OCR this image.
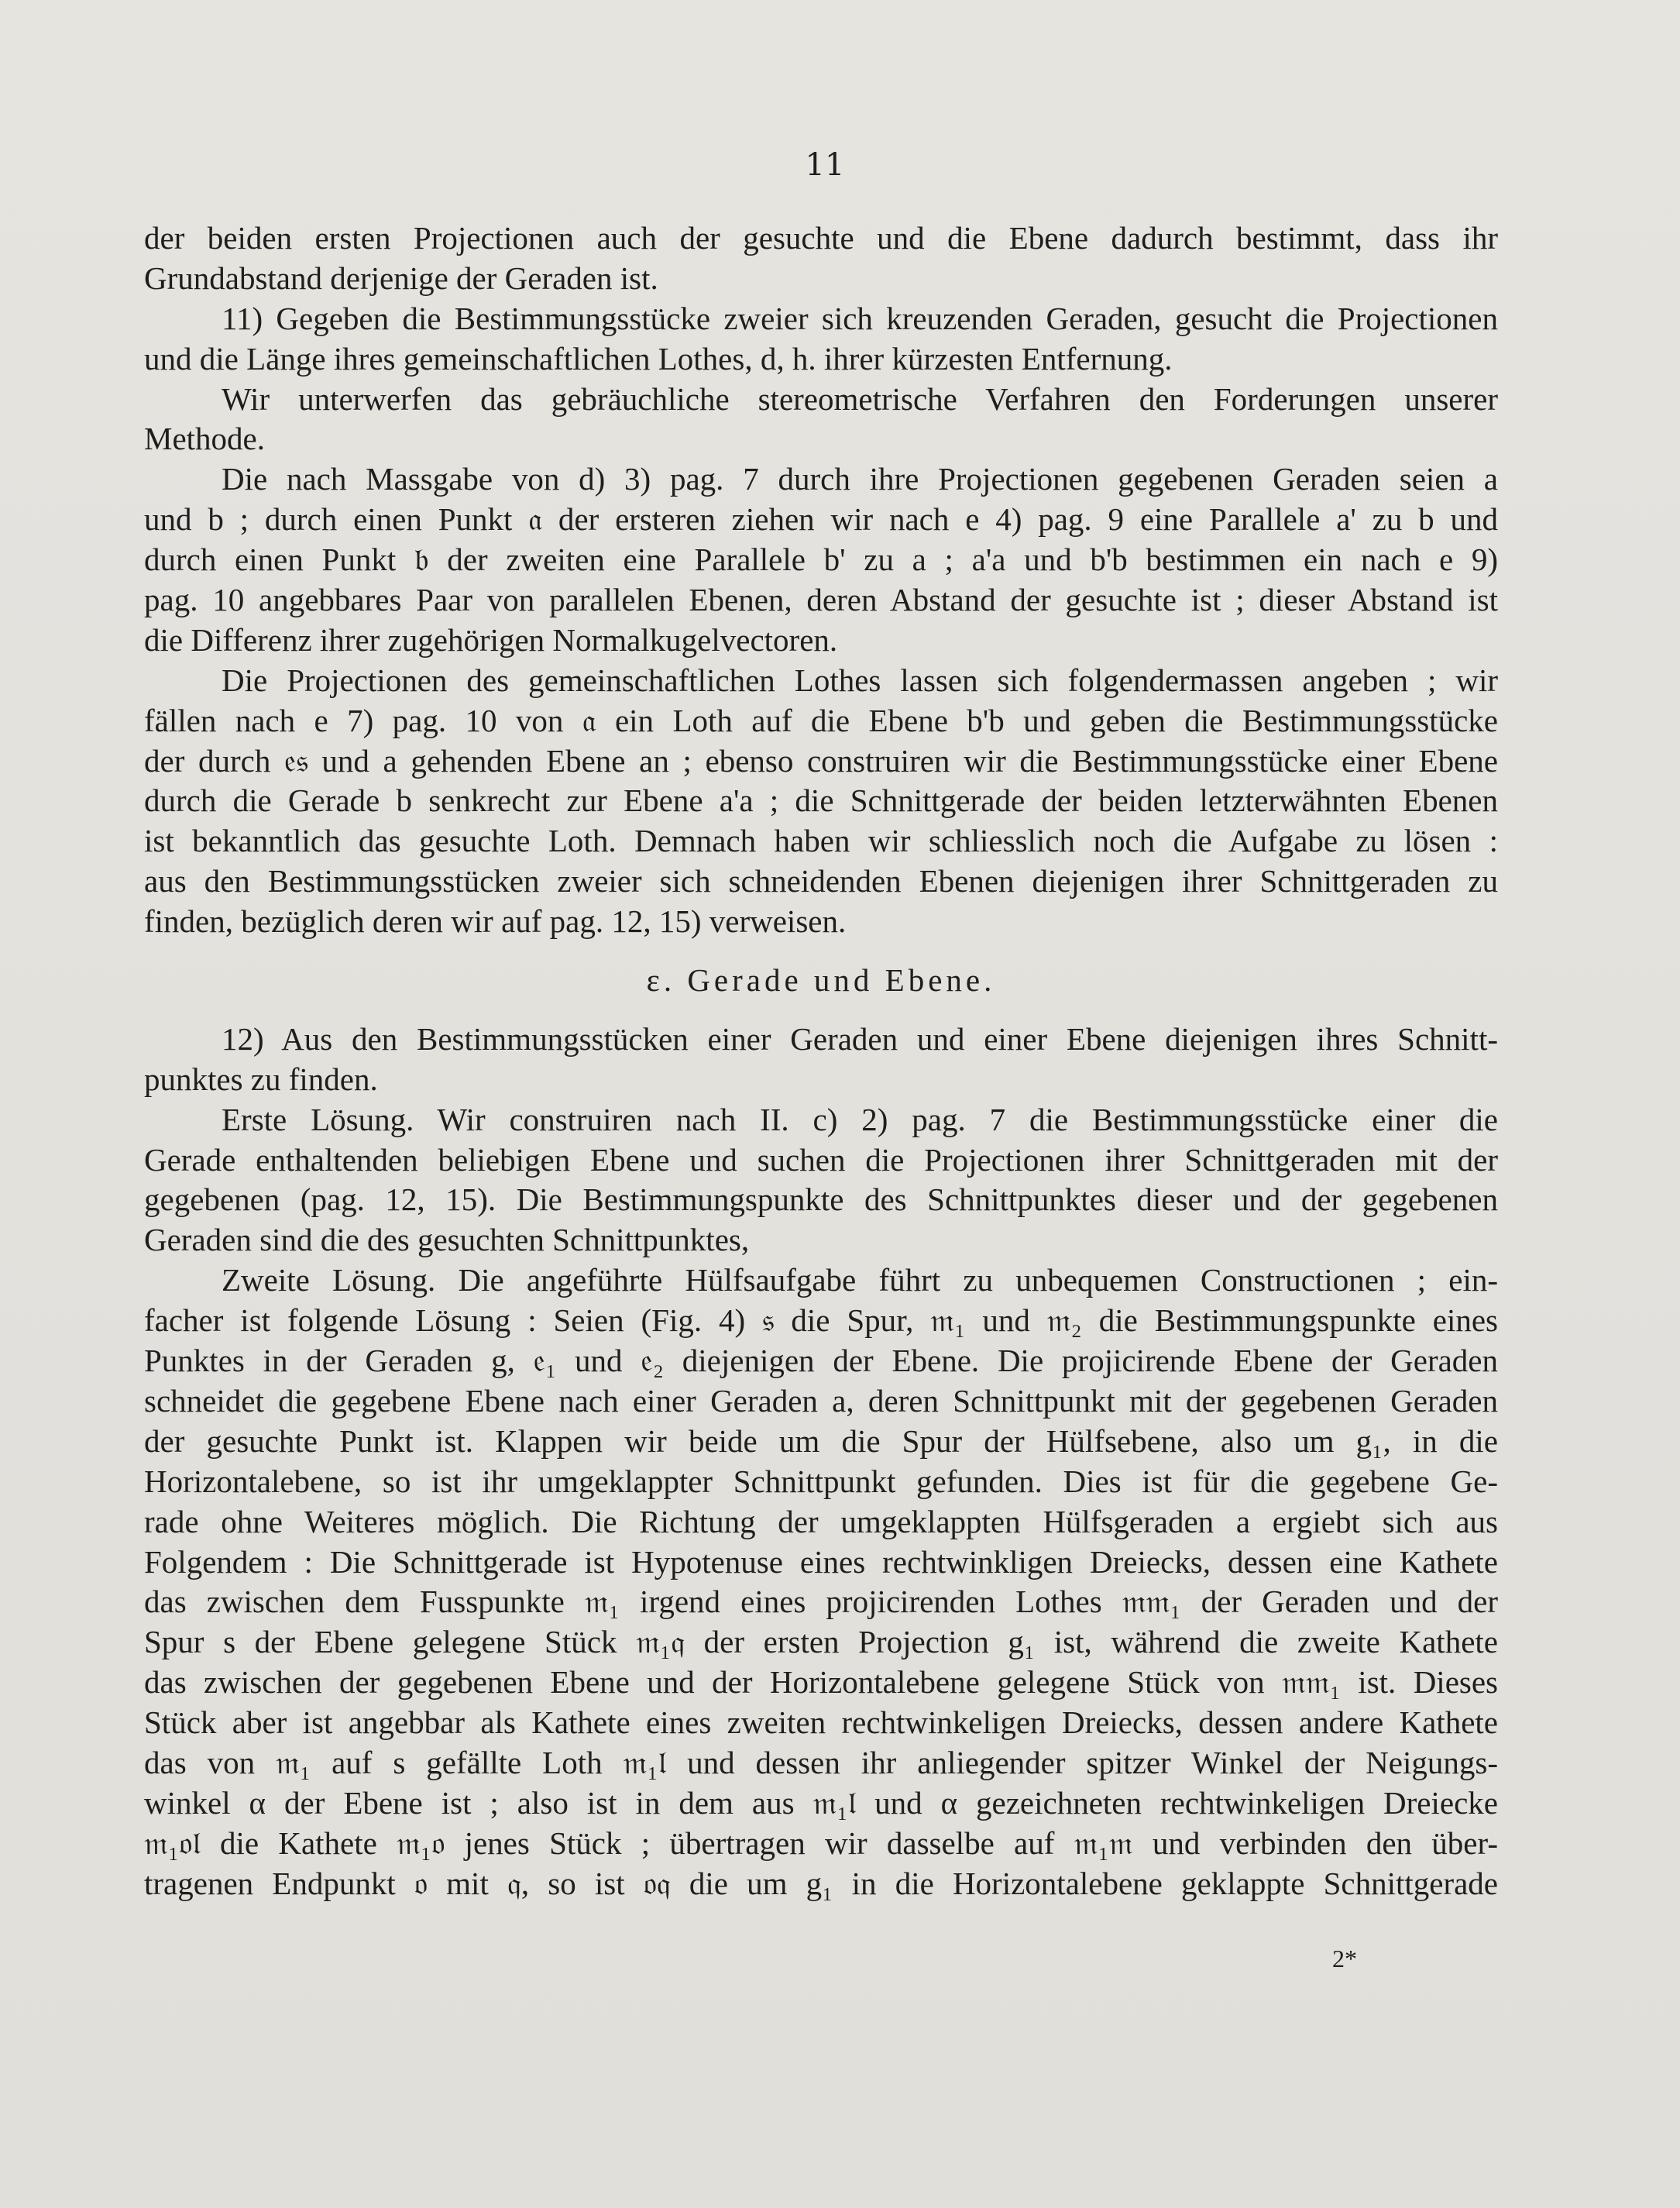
11
der beiden ersten Projectionen auch der gesuchte und die Ebene dadurch bestimmt, dass ihr
Grundabstand derjenige der Geraden ist.
11) Gegeben die Bestimmungsstücke zweier sich kreuzenden Geraden, gesucht die Projectionen
und die Länge ihres gemeinschaftlichen Lothes, d, h. ihrer kürzesten Entfernung.
Wir unterwerfen das gebräuchliche stereometrische Verfahren den Forderungen unserer
Methode.
Die nach Massgabe von d) 3) pag. 7 durch ihre Projectionen gegebenen Geraden seien a
und b ; durch einen Punkt 𝔞 der ersteren ziehen wir nach e 4) pag. 9 eine Parallele a' zu b und
durch einen Punkt 𝔟 der zweiten eine Parallele b' zu a ; a'a und b'b bestimmen ein nach e 9)
pag. 10 angebbares Paar von parallelen Ebenen, deren Abstand der gesuchte ist ; dieser Abstand ist
die Differenz ihrer zugehörigen Normalkugelvectoren.
Die Projectionen des gemeinschaftlichen Lothes lassen sich folgendermassen angeben ; wir
fällen nach e 7) pag. 10 von 𝔞 ein Loth auf die Ebene b'b und geben die Bestimmungsstücke
der durch 𝔢𝔰 und a gehenden Ebene an ; ebenso construiren wir die Bestimmungsstücke einer Ebene
durch die Gerade b senkrecht zur Ebene a'a ; die Schnittgerade der beiden letzterwähnten Ebenen
ist bekanntlich das gesuchte Loth. Demnach haben wir schliesslich noch die Aufgabe zu lösen :
aus den Bestimmungsstücken zweier sich schneidenden Ebenen diejenigen ihrer Schnittgeraden zu
finden, bezüglich deren wir auf pag. 12, 15) verweisen.
ε. Gerade und Ebene.
12) Aus den Bestimmungsstücken einer Geraden und einer Ebene diejenigen ihres Schnitt-
punktes zu finden.
Erste Lösung. Wir construiren nach II. c) 2) pag. 7 die Bestimmungsstücke einer die
Gerade enthaltenden beliebigen Ebene und suchen die Projectionen ihrer Schnittgeraden mit der
gegebenen (pag. 12, 15). Die Bestimmungspunkte des Schnittpunktes dieser und der gegebenen
Geraden sind die des gesuchten Schnittpunktes,
Zweite Lösung. Die angeführte Hülfsaufgabe führt zu unbequemen Constructionen ; ein-
facher ist folgende Lösung : Seien (Fig. 4) 𝔰 die Spur, 𝔪₁ und 𝔪₂ die Bestimmungspunkte eines
Punktes in der Geraden g, 𝔢₁ und 𝔢₂ diejenigen der Ebene. Die projicirende Ebene der Geraden
schneidet die gegebene Ebene nach einer Geraden a, deren Schnittpunkt mit der gegebenen Geraden
der gesuchte Punkt ist. Klappen wir beide um die Spur der Hülfsebene, also um g₁, in die
Horizontalebene, so ist ihr umgeklappter Schnittpunkt gefunden. Dies ist für die gegebene Ge-
rade ohne Weiteres möglich. Die Richtung der umgeklappten Hülfsgeraden a ergiebt sich aus
Folgendem : Die Schnittgerade ist Hypotenuse eines rechtwinkligen Dreiecks, dessen eine Kathete
das zwischen dem Fusspunkte 𝔪₁ irgend eines projicirenden Lothes 𝔪𝔪₁ der Geraden und der
Spur s der Ebene gelegene Stück 𝔪₁𝔮 der ersten Projection g₁ ist, während die zweite Kathete
das zwischen der gegebenen Ebene und der Horizontalebene gelegene Stück von 𝔪𝔪₁ ist. Dieses
Stück aber ist angebbar als Kathete eines zweiten rechtwinkeligen Dreiecks, dessen andere Kathete
das von 𝔪₁ auf s gefällte Loth 𝔪₁𝔩 und dessen ihr anliegender spitzer Winkel der Neigungs-
winkel α der Ebene ist ; also ist in dem aus 𝔪₁𝔩 und α gezeichneten rechtwinkeligen Dreiecke
𝔪₁𝔬𝔩 die Kathete 𝔪₁𝔬 jenes Stück ; übertragen wir dasselbe auf 𝔪₁𝔪 und verbinden den über-
tragenen Endpunkt 𝔬 mit 𝔮, so ist 𝔬𝔮 die um g₁ in die Horizontalebene geklappte Schnittgerade
2*
